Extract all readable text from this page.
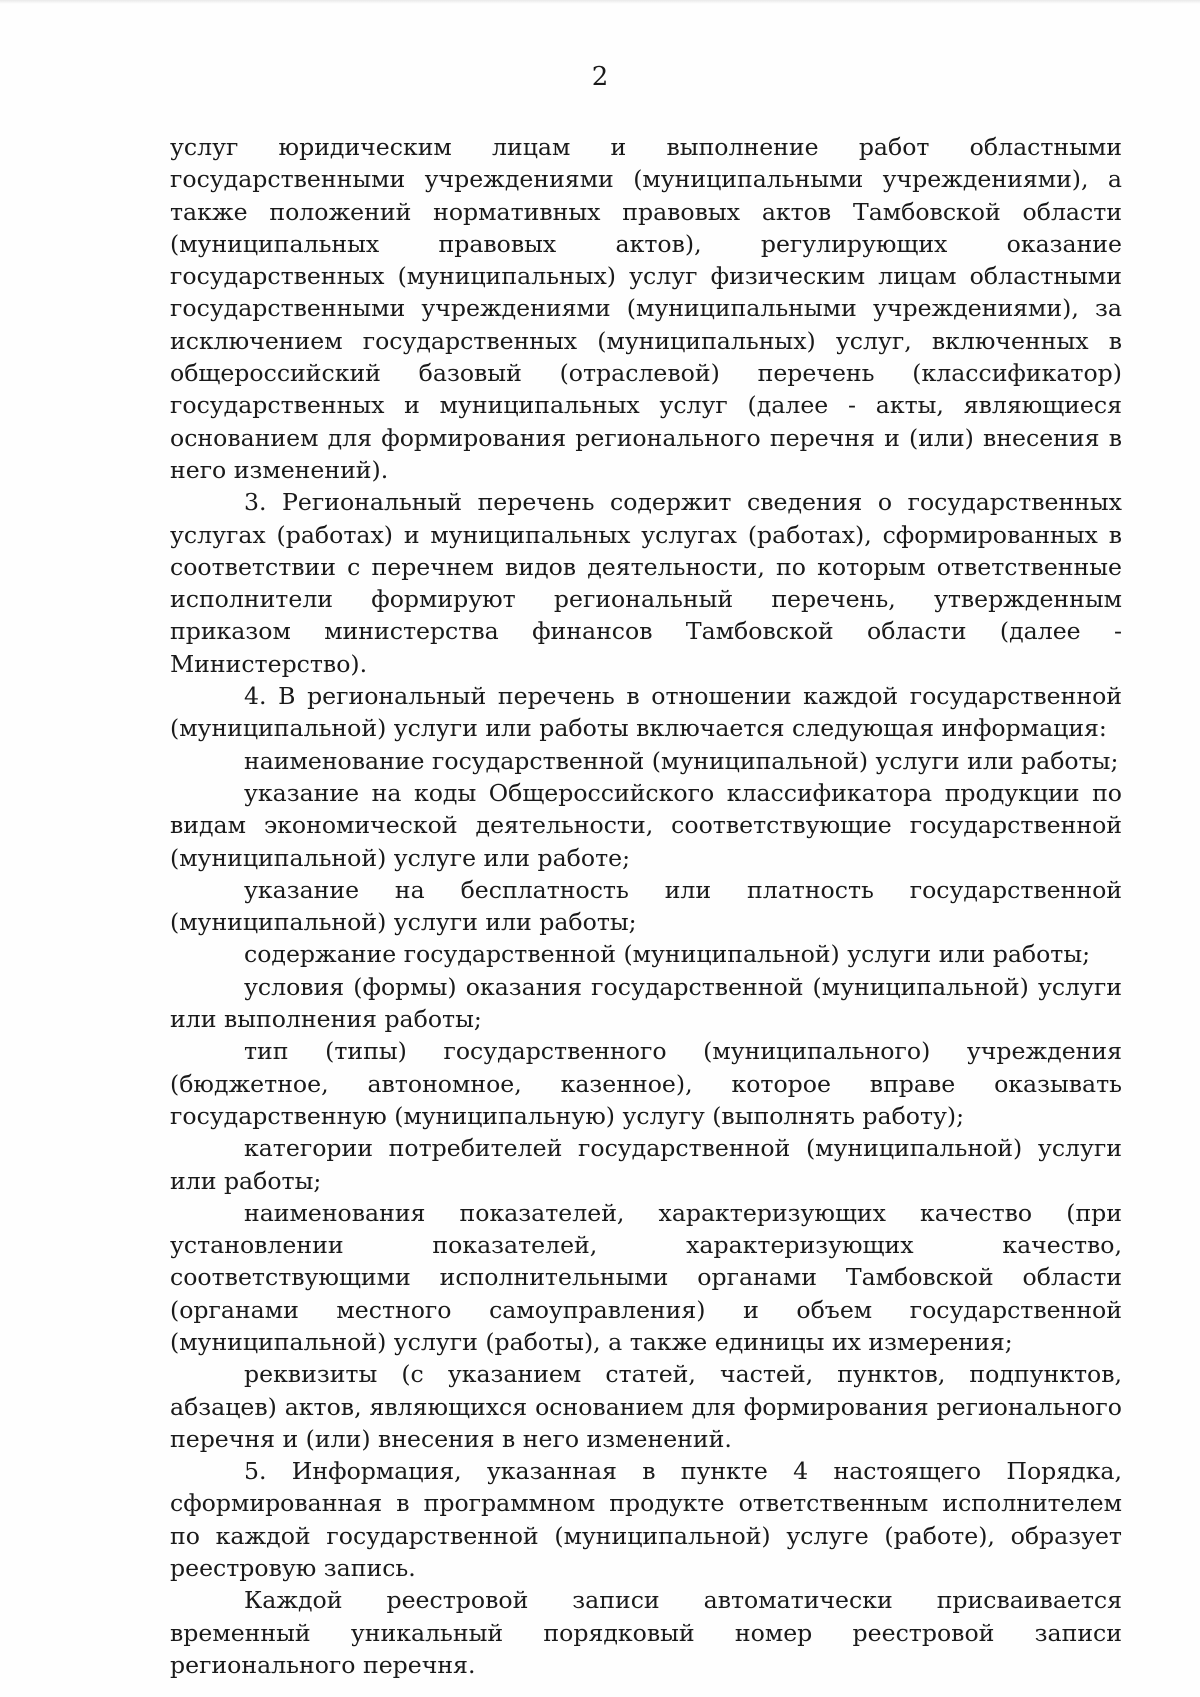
2

услуг юридическим лицам и выполнение работ областными государственными учреждениями (муниципальными учреждениями), а также положений нормативных правовых актов Тамбовской области (муниципальных правовых актов), регулирующих оказание государственных (муниципальных) услуг физическим лицам областными государственными учреждениями (муниципальными учреждениями), за исключением государственных (муниципальных) услуг, включенных в общероссийский базовый (отраслевой) перечень (классификатор) государственных и муниципальных услуг (далее - акты, являющиеся основанием для формирования регионального перечня и (или) внесения в него изменений).

3. Региональный перечень содержит сведения о государственных услугах (работах) и муниципальных услугах (работах), сформированных в соответствии с перечнем видов деятельности, по которым ответственные исполнители формируют региональный перечень, утвержденным приказом министерства финансов Тамбовской области (далее - Министерство).

4. В региональный перечень в отношении каждой государственной (муниципальной) услуги или работы включается следующая информация:

наименование государственной (муниципальной) услуги или работы;

указание на коды Общероссийского классификатора продукции по видам экономической деятельности, соответствующие государственной (муниципальной) услуге или работе;

указание на бесплатность или платность государственной (муниципальной) услуги или работы;

содержание государственной (муниципальной) услуги или работы;

условия (формы) оказания государственной (муниципальной) услуги или выполнения работы;

тип (типы) государственного (муниципального) учреждения (бюджетное, автономное, казенное), которое вправе оказывать государственную (муниципальную) услугу (выполнять работу);

категории потребителей государственной (муниципальной) услуги или работы;

наименования показателей, характеризующих качество (при установлении показателей, характеризующих качество, соответствующими исполнительными органами Тамбовской области (органами местного самоуправления) и объем государственной (муниципальной) услуги (работы), а также единицы их измерения;

реквизиты (с указанием статей, частей, пунктов, подпунктов, абзацев) актов, являющихся основанием для формирования регионального перечня и (или) внесения в него изменений.

5. Информация, указанная в пункте 4 настоящего Порядка, сформированная в программном продукте ответственным исполнителем по каждой государственной (муниципальной) услуге (работе), образует реестровую запись.

Каждой реестровой записи автоматически присваивается временный уникальный порядковый номер реестровой записи регионального перечня.
